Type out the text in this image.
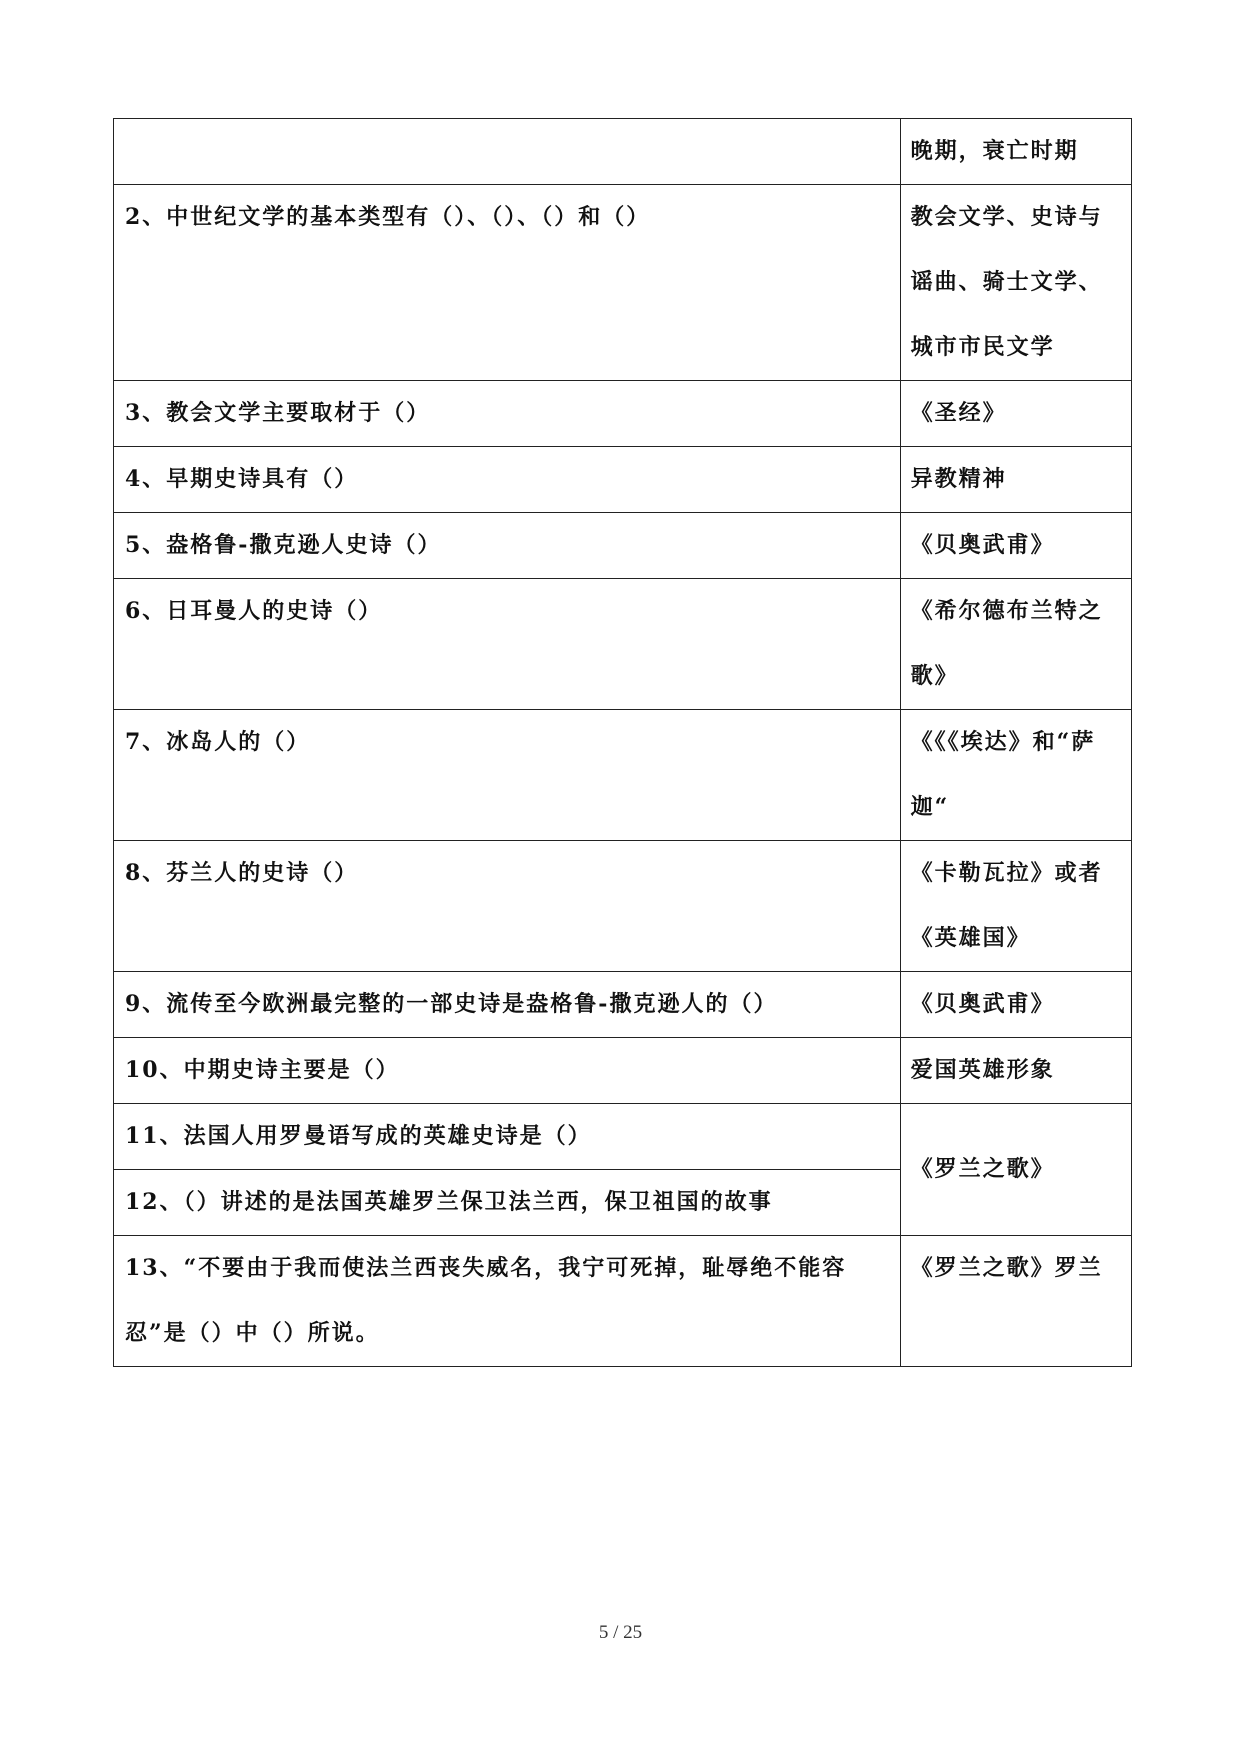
	晚期，衰亡时期
2、中世纪文学的基本类型有（）、（）、（）和（）	教会文学、史诗与谣曲、骑士文学、城市市民文学
3、教会文学主要取材于（）	《圣经》
4、早期史诗具有（）	异教精神
5、盎格鲁-撒克逊人史诗（）	《贝奥武甫》
6、日耳曼人的史诗（）	《希尔德布兰特之歌》
7、冰岛人的（）	《《《埃达》和“萨迦“
8、芬兰人的史诗（）	《卡勒瓦拉》或者《英雄国》
9、流传至今欧洲最完整的一部史诗是盎格鲁-撒克逊人的（）	《贝奥武甫》
10、中期史诗主要是（）	爱国英雄形象
11、法国人用罗曼语写成的英雄史诗是（）	《罗兰之歌》
12、（）讲述的是法国英雄罗兰保卫法兰西，保卫祖国的故事	
13、“不要由于我而使法兰西丧失威名，我宁可死掉，耻辱绝不能容忍”是（）中（）所说。	《罗兰之歌》罗兰
5 / 25
